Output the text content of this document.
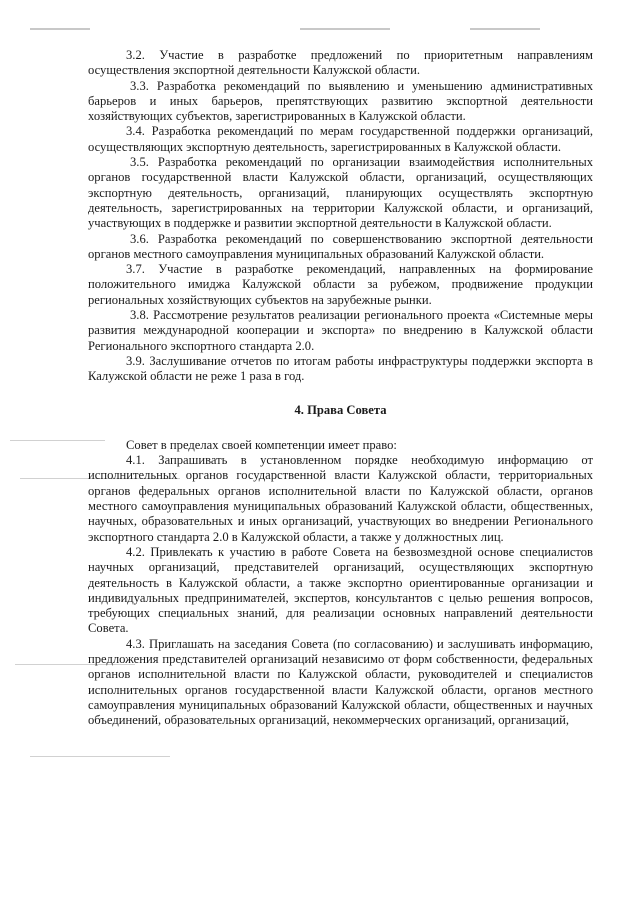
3.2. Участие в разработке предложений по приоритетным направлениям осуществления экспортной деятельности Калужской области.

3.3. Разработка рекомендаций по выявлению и уменьшению административных барьеров и иных барьеров, препятствующих развитию экспортной деятельности хозяйствующих субъектов, зарегистрированных в Калужской области.

3.4. Разработка рекомендаций по мерам государственной поддержки организаций, осуществляющих экспортную деятельность, зарегистрированных в Калужской области.

3.5. Разработка рекомендаций по организации взаимодействия исполнительных органов государственной власти Калужской области, организаций, осуществляющих экспортную деятельность, организаций, планирующих осуществлять экспортную деятельность, зарегистрированных на территории Калужской области, и организаций, участвующих в поддержке и развитии экспортной деятельности в Калужской области.

3.6. Разработка рекомендаций по совершенствованию экспортной деятельности органов местного самоуправления муниципальных образований Калужской области.

3.7. Участие в разработке рекомендаций, направленных на формирование положительного имиджа Калужской области за рубежом, продвижение продукции региональных хозяйствующих субъектов на зарубежные рынки.

3.8. Рассмотрение результатов реализации регионального проекта «Системные меры развития международной кооперации и экспорта» по внедрению в Калужской области Регионального экспортного стандарта 2.0.

3.9. Заслушивание отчетов по итогам работы инфраструктуры поддержки экспорта в Калужской области не реже 1 раза в год.

4. Права Совета

Совет в пределах своей компетенции имеет право:

4.1. Запрашивать в установленном порядке необходимую информацию от исполнительных органов государственной власти Калужской области, территориальных органов федеральных органов исполнительной власти по Калужской области, органов местного самоуправления муниципальных образований Калужской области, общественных, научных, образовательных и иных организаций, участвующих во внедрении Регионального экспортного стандарта 2.0 в Калужской области, а также у должностных лиц.

4.2. Привлекать к участию в работе Совета на безвозмездной основе специалистов научных организаций, представителей организаций, осуществляющих экспортную деятельность в Калужской области, а также экспортно ориентированные организации и индивидуальных предпринимателей, экспертов, консультантов с целью решения вопросов, требующих специальных знаний, для реализации основных направлений деятельности Совета.

4.3. Приглашать на заседания Совета (по согласованию) и заслушивать информацию, предложения представителей организаций независимо от форм собственности, федеральных органов исполнительной власти по Калужской области, руководителей и специалистов исполнительных органов государственной власти Калужской области, органов местного самоуправления муниципальных образований Калужской области, общественных и научных объединений, образовательных организаций, некоммерческих организаций, организаций,
